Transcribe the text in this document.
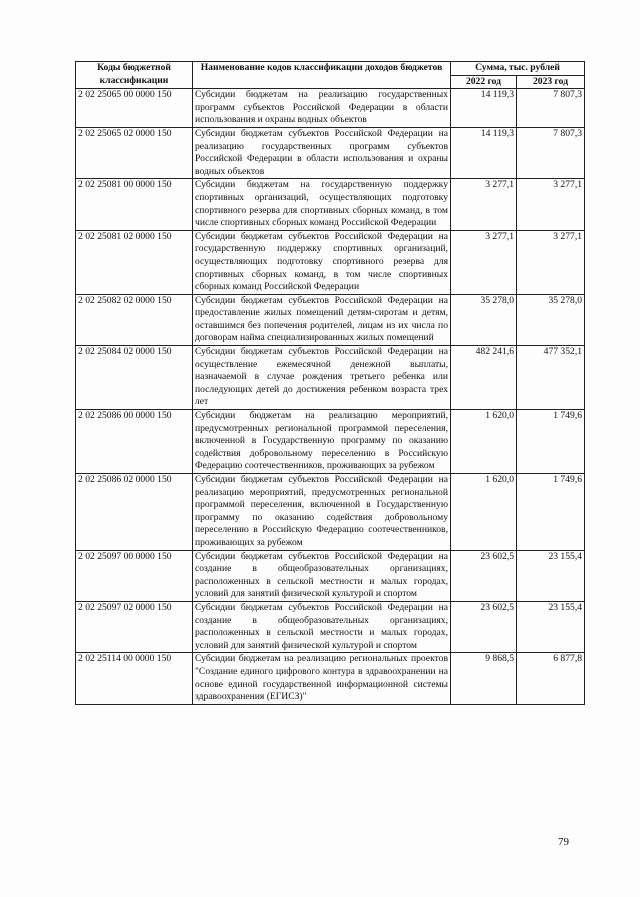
Коды бюджетной классификации	Наименование кодов классификации доходов бюджетов	Сумма, тыс. рублей	
		2022 год	2023 год
2 02 25065 00 0000 150	Субсидии бюджетам на реализацию государственных программ субъектов Российской Федерации в области использования и охраны водных объектов	14 119,3	7 807,3
2 02 25065 02 0000 150	Субсидии бюджетам субъектов Российской Федерации на реализацию государственных программ субъектов Российской Федерации в области использования и охраны водных объектов	14 119,3	7 807,3
2 02 25081 00 0000 150	Субсидии бюджетам на государственную поддержку спортивных организаций, осуществляющих подготовку спортивного резерва для спортивных сборных команд, в том числе спортивных сборных команд Российской Федерации	3 277,1	3 277,1
2 02 25081 02 0000 150	Субсидии бюджетам субъектов Российской Федерации на государственную поддержку спортивных организаций, осуществляющих подготовку спортивного резерва для спортивных сборных команд, в том числе спортивных сборных команд Российской Федерации	3 277,1	3 277,1
2 02 25082 02 0000 150	Субсидии бюджетам субъектов Российской Федерации на предоставление жилых помещений детям-сиротам и детям, оставшимся без попечения родителей, лицам из их числа по договорам найма специализированных жилых помещений	35 278,0	35 278,0
2 02 25084 02 0000 150	Субсидии бюджетам субъектов Российской Федерации на осуществление ежемесячной денежной выплаты, назначаемой в случае рождения третьего ребенка или последующих детей до достижения ребенком возраста трех лет	482 241,6	477 352,1
2 02 25086 00 0000 150	Субсидии бюджетам на реализацию мероприятий, предусмотренных региональной программой переселения, включенной в Государственную программу по оказанию содействия добровольному переселению в Российскую Федерацию соотечественников, проживающих за рубежом	1 620,0	1 749,6
2 02 25086 02 0000 150	Субсидии бюджетам субъектов Российской Федерации на реализацию мероприятий, предусмотренных региональной программой переселения, включенной в Государственную программу по оказанию содействия добровольному переселению в Российскую Федерацию соотечественников, проживающих за рубежом	1 620,0	1 749,6
2 02 25097 00 0000 150	Субсидии бюджетам субъектов Российской Федерации на создание в общеобразовательных организациях, расположенных в сельской местности и малых городах, условий для занятий физической культурой и спортом	23 602,5	23 155,4
2 02 25097 02 0000 150	Субсидии бюджетам субъектов Российской Федерации на создание в общеобразовательных организациях, расположенных в сельской местности и малых городах, условий для занятий физической культурой и спортом	23 602,5	23 155,4
2 02 25114 00 0000 150	Субсидии бюджетам на реализацию региональных проектов "Создание единого цифрового контура в здравоохранении на основе единой государственной информационной системы здравоохранения (ЕГИСЗ)"	9 868,5	6 877,8
79
